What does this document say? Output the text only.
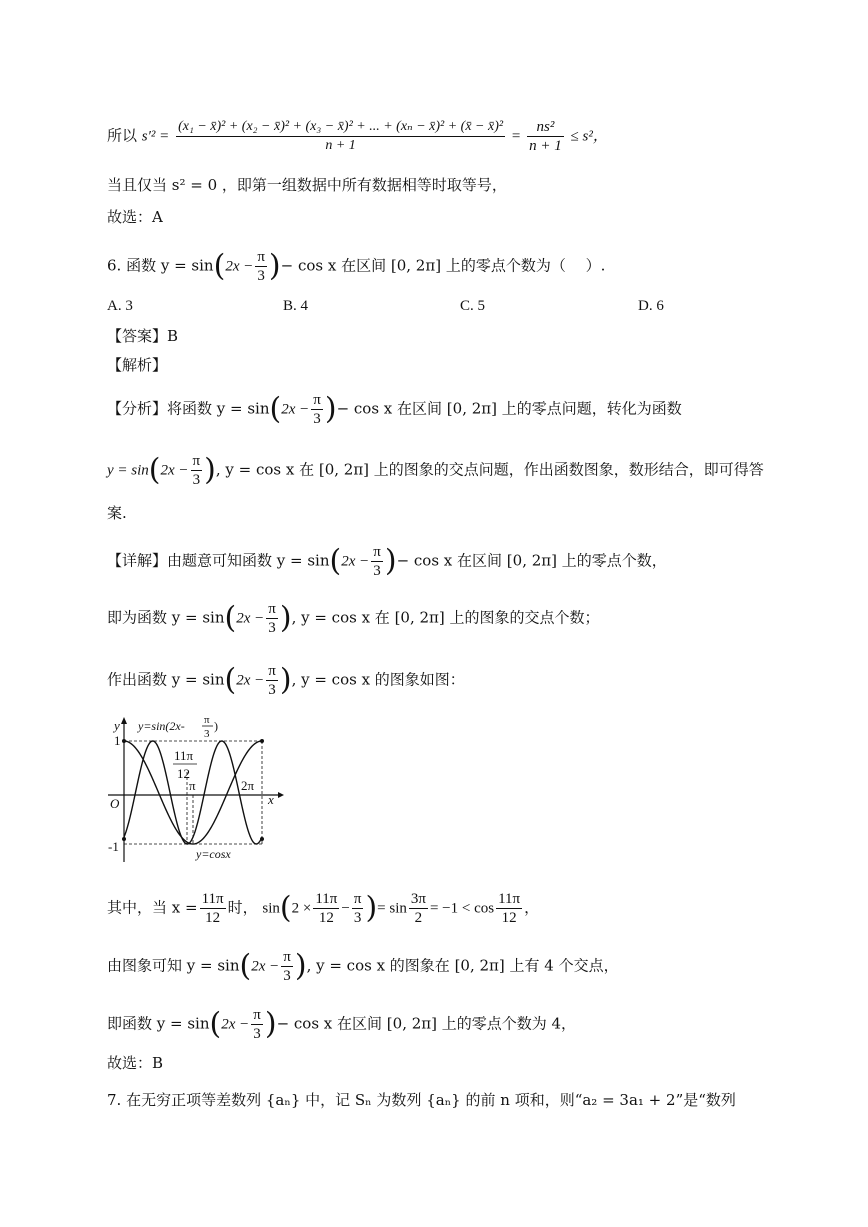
所以 s′² =
(x₁ − x̄)² + (x₂ − x̄)² + (x₃ − x̄)² + ... + (xₙ − x̄)² + (x̄ − x̄)²
n + 1
= $\frac{\text{ns²}}{n + 1} \le s^2$，
当且仅当 s² = 0 ，即第一组数据中所有数据相等时取等号，
故选：A
6. 函数 $y = \sin(2x - \frac{\pi}{3}$ )− cos x 在区间 [0, 2π] 上的零点个数为（　 ）.
A. 3	B. 4	C. 5	D. 6
【答案】B
【解析】
【分析】将函数 $y = \sin(2x - \frac{\pi}{3}$ )− cos x 在区间 [0, 2π] 上的零点问题，转化为函数
$y = \sin(2x - \frac{\pi}{3}$ ), y = cos x 在 [0, 2π] 上的图象的交点问题，作出函数图象，数形结合，即可得答
案.
【详解】由题意可知函数 $y = \sin(2x - \frac{\pi}{3}$ )− cos x 在区间 [0, 2π] 上的零点个数，
即为函数 $y = \sin(2x - \frac{\pi}{3}$ ), y = cos x 在 [0, 2π] 上的图象的交点个数；
作出函数 $y = \sin(2x - \frac{\pi}{3}$ ), y = cos x 的图象如图：
y
x
O
1
-1
y=sin(2x- π
3
)
11π
12
π	2π
y=cosx
其中，当 $x = \frac{11\pi}{12}$ 时， $\sin(2 \times \frac{11\pi}{12} - \frac{\pi}{3}$ )= $\sin \frac{3\pi}{2} = -1 < \cos \frac{11\pi}{12}$ ，
由图象可知 $y = \sin(2x - \frac{\pi}{3}$ ), y = cos x 的图象在 [0, 2π] 上有 4 个交点，
即函数 $y = \sin(2x - \frac{\pi}{3}$ )− cos x 在区间 [0, 2π] 上的零点个数为 4，
故选：B
7. 在无穷正项等差数列 {aₙ} 中，记 Sₙ 为数列 {aₙ} 的前 n 项和，则“a₂ = 3a₁ + 2”是“数列
